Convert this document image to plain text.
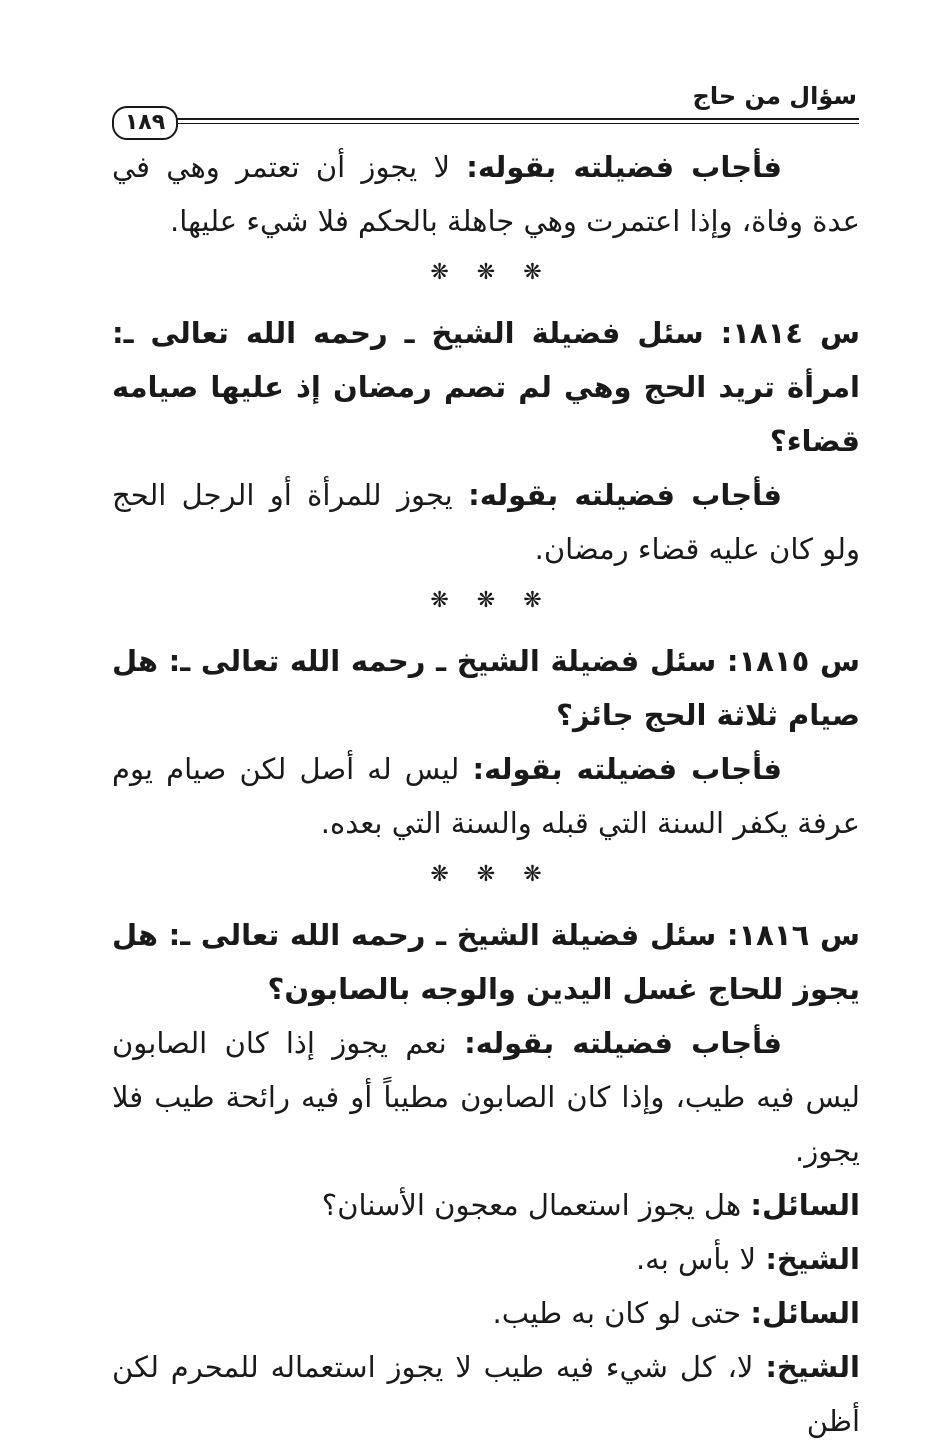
سؤال من حاج
١٨٩

فأجاب فضيلته بقوله: لا يجوز أن تعتمر وهي في عدة وفاة، وإذا اعتمرت وهي جاهلة بالحكم فلا شيء عليها.

❋❋❋

س ١٨١٤: سئل فضيلة الشيخ ـ رحمه الله تعالى ـ: امرأة تريد الحج وهي لم تصم رمضان إذ عليها صيامه قضاء؟

فأجاب فضيلته بقوله: يجوز للمرأة أو الرجل الحج ولو كان عليه قضاء رمضان.

❋❋❋

س ١٨١٥: سئل فضيلة الشيخ ـ رحمه الله تعالى ـ: هل صيام ثلاثة الحج جائز؟

فأجاب فضيلته بقوله: ليس له أصل لكن صيام يوم عرفة يكفر السنة التي قبله والسنة التي بعده.

❋❋❋

س ١٨١٦: سئل فضيلة الشيخ ـ رحمه الله تعالى ـ: هل يجوز للحاج غسل اليدين والوجه بالصابون؟

فأجاب فضيلته بقوله: نعم يجوز إذا كان الصابون ليس فيه طيب، وإذا كان الصابون مطيباً أو فيه رائحة طيب فلا يجوز.

السائل: هل يجوز استعمال معجون الأسنان؟

الشيخ: لا بأس به.

السائل: حتى لو كان به طيب.

الشيخ: لا، كل شيء فيه طيب لا يجوز استعماله للمحرم لكن أظن
